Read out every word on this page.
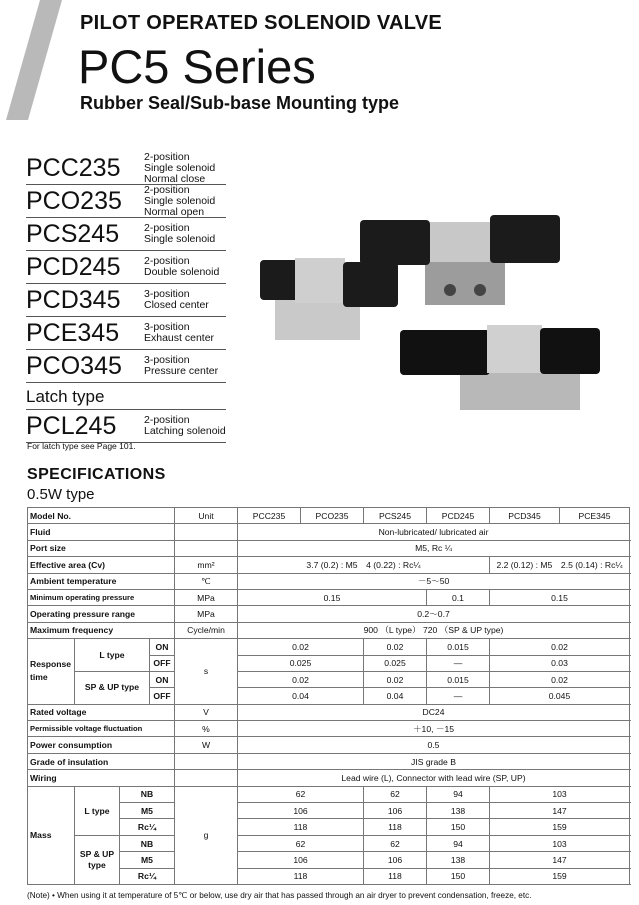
PILOT OPERATED SOLENOID VALVE
PC5 Series
Rubber Seal/Sub-base Mounting type
PCC235	2-position
Single solenoid
Normal close
PCO235	2-position
Single solenoid
Normal open
PCS245	2-position
Single solenoid
PCD245	2-position
Double solenoid
PCD345	3-position
Closed center
PCE345	3-position
Exhaust center
PCO345	3-position
Pressure center
Latch type
PCL245	2-position
Latching solenoid
For latch type see Page 101.
SPECIFICATIONS
0.5W type
Model No.				Unit	PCC235	PCO235	PCS245	PCD245	PCD345	PCE345	
Fluid					Non-lubricated/ lubricated air						
Port size					M5, Rc ¼						
Effective area (Cv)				mm²	3.7 (0.2) : M5　4 (0.22) : Rc¼				2.2 (0.12) : M5　2.5 (0.14) : Rc¼		
Ambient temperature				℃	－5～50						
Minimum operating pressure				MPa	0.15			0.1	0.15		
Operating pressure range				MPa	0.2～0.7						
Maximum frequency				Cycle/min	900 （L type） 720 （SP & UP type)						
Response time	L type		ON	s	0.02		0.02	0.015	0.02		
			OFF		0.025		0.025	—	0.03		
	SP & UP type		ON		0.02		0.02	0.015	0.02		
			OFF		0.04		0.04	—	0.045		
Rated voltage				V	DC24						
Permissible voltage fluctuation				%	＋10, －15						
Power consumption				W	0.5						
Grade of insulation					JIS grade B						
Wiring					Lead wire (L), Connector with lead wire (SP, UP)						
Mass	L type	NB		g	62		62	94	103		
		M5			106		106	138	147		
		Rc¼			118		118	150	159		
	SP & UP type	NB			62		62	94	103		
		M5			106		106	138	147		
		Rc¼			118		118	150	159		
(Note) • When using it at temperature of 5℃ or below, use dry air that has passed through an air dryer to prevent condensation, freeze, etc.
